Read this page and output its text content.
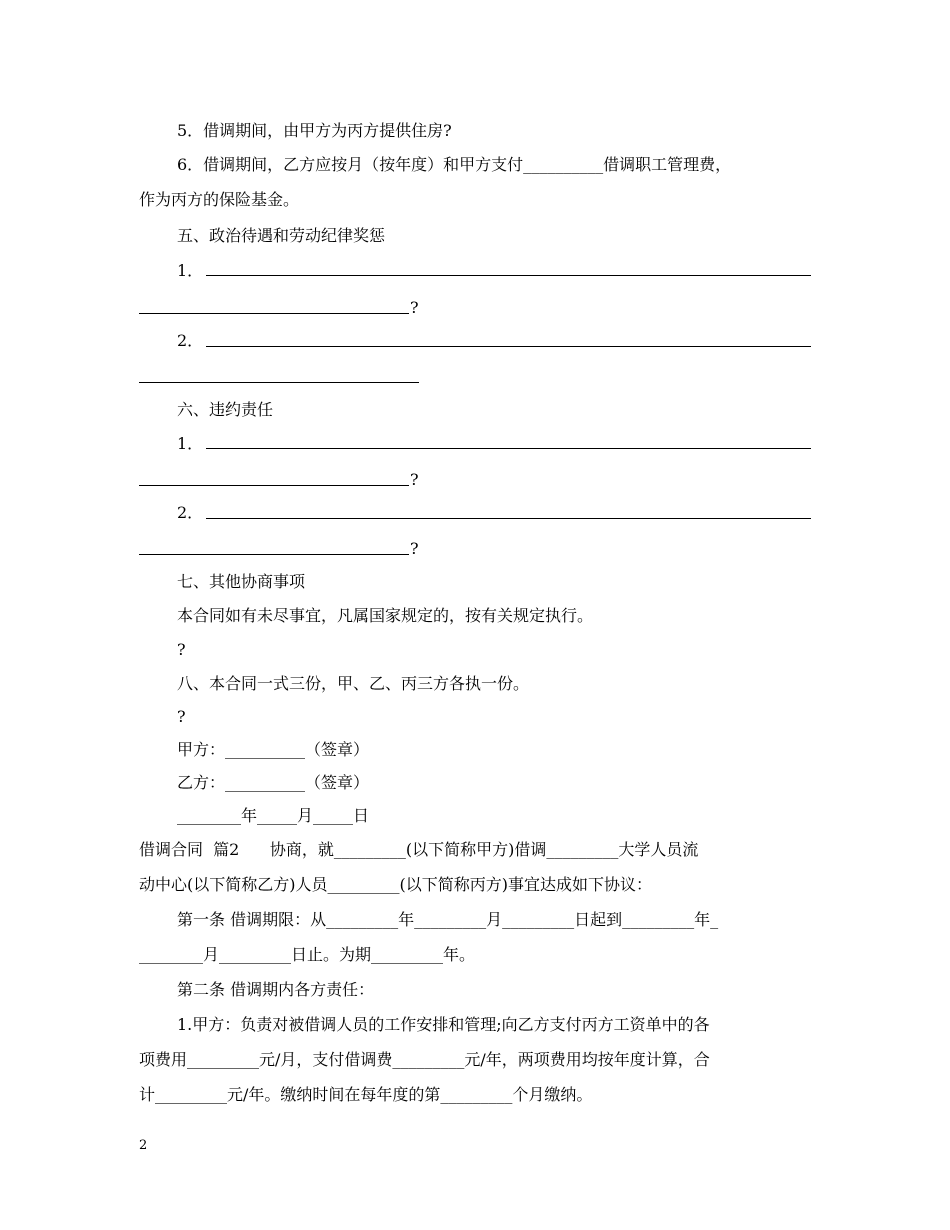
5．借调期间，由甲方为丙方提供住房?
6．借调期间，乙方应按月（按年度）和甲方支付__________借调职工管理费，
作为丙方的保险基金。
五、政治待遇和劳动纪律奖惩
1．
?
2．
六、违约责任
1．
?
2．
?
七、其他协商事项
本合同如有未尽事宜，凡属国家规定的，按有关规定执行。
?
八、本合同一式三份，甲、乙、丙三方各执一份。
?
甲方：__________（签章）
乙方：__________（签章）
________年_____月_____日
借调合同  篇2      协商，就_________(以下简称甲方)借调_________大学人员流
动中心(以下简称乙方)人员_________(以下简称丙方)事宜达成如下协议：
第一条 借调期限：从_________年_________月_________日起到_________年_
________月_________日止。为期_________年。
第二条 借调期内各方责任：
1.甲方：负责对被借调人员的工作安排和管理;向乙方支付丙方工资单中的各
项费用_________元/月，支付借调费_________元/年，两项费用均按年度计算，合
计_________元/年。缴纳时间在每年度的第_________个月缴纳。
2
